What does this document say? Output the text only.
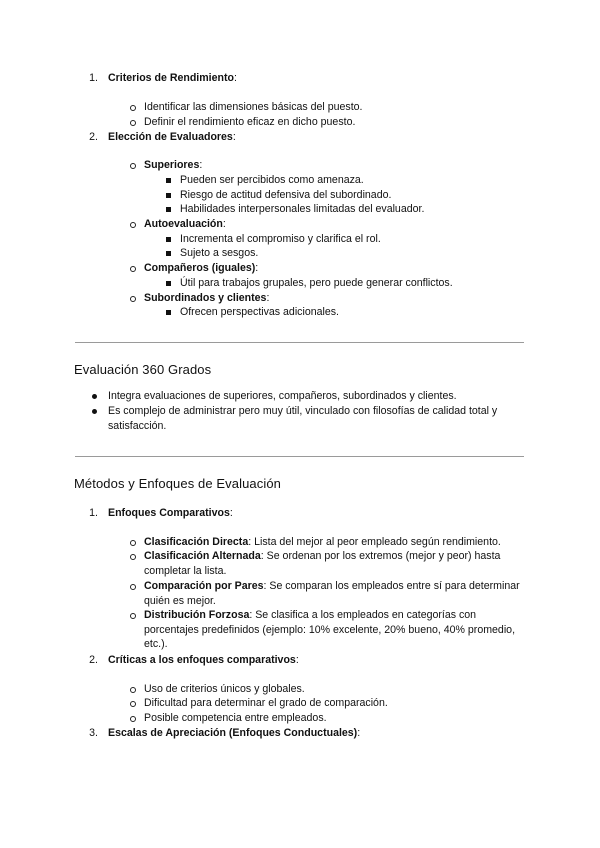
1. Criterios de Rendimiento:
Identificar las dimensiones básicas del puesto.
Definir el rendimiento eficaz en dicho puesto.
2. Elección de Evaluadores:
Superiores:
Pueden ser percibidos como amenaza.
Riesgo de actitud defensiva del subordinado.
Habilidades interpersonales limitadas del evaluador.
Autoevaluación:
Incrementa el compromiso y clarifica el rol.
Sujeto a sesgos.
Compañeros (iguales):
Útil para trabajos grupales, pero puede generar conflictos.
Subordinados y clientes:
Ofrecen perspectivas adicionales.
Evaluación 360 Grados
Integra evaluaciones de superiores, compañeros, subordinados y clientes.
Es complejo de administrar pero muy útil, vinculado con filosofías de calidad total y satisfacción.
Métodos y Enfoques de Evaluación
1. Enfoques Comparativos:
Clasificación Directa: Lista del mejor al peor empleado según rendimiento.
Clasificación Alternada: Se ordenan por los extremos (mejor y peor) hasta completar la lista.
Comparación por Pares: Se comparan los empleados entre sí para determinar quién es mejor.
Distribución Forzosa: Se clasifica a los empleados en categorías con porcentajes predefinidos (ejemplo: 10% excelente, 20% bueno, 40% promedio, etc.).
2. Críticas a los enfoques comparativos:
Uso de criterios únicos y globales.
Dificultad para determinar el grado de comparación.
Posible competencia entre empleados.
3. Escalas de Apreciación (Enfoques Conductuales):
